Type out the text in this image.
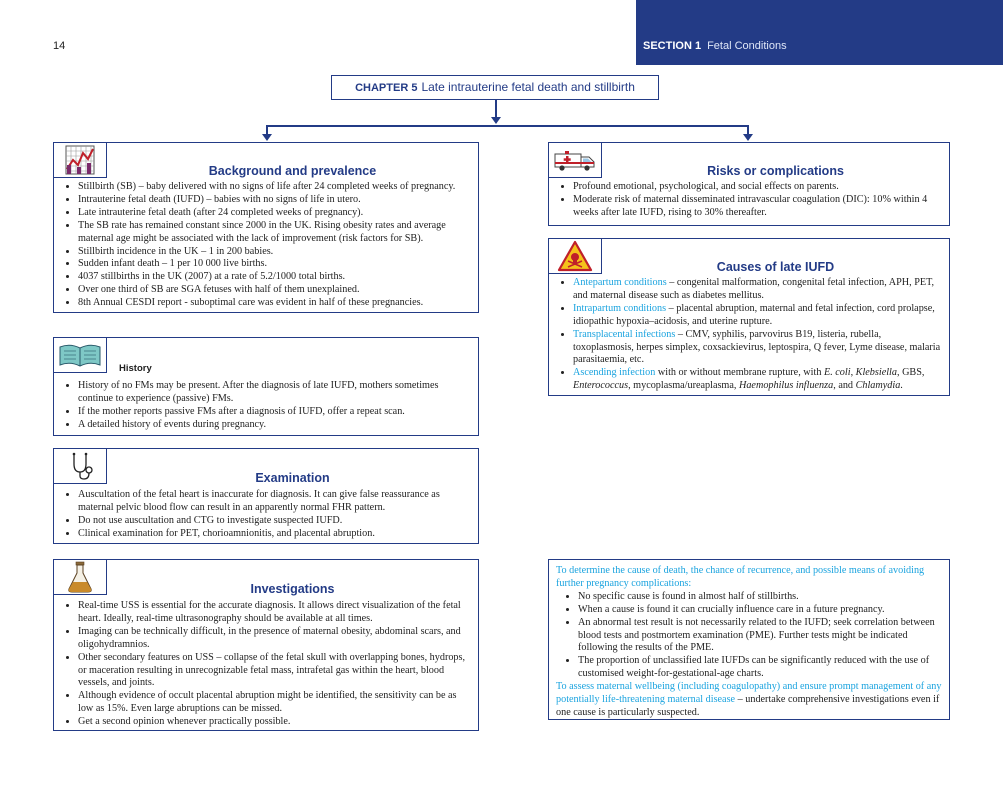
14	SECTION 1 Fetal Conditions
CHAPTER 5 Late intrauterine fetal death and stillbirth
Background and prevalence
• Stillbirth (SB) – baby delivered with no signs of life after 24 completed weeks of pregnancy.
• Intrauterine fetal death (IUFD) – babies with no signs of life in utero.
• Late intrauterine fetal death (after 24 completed weeks of pregnancy).
• The SB rate has remained constant since 2000 in the UK. Rising obesity rates and average maternal age might be associated with the lack of improvement (risk factors for SB).
• Stillbirth incidence in the UK – 1 in 200 babies.
• Sudden infant death – 1 per 10 000 live births.
• 4037 stillbirths in the UK (2007) at a rate of 5.2/1000 total births.
• Over one third of SB are SGA fetuses with half of them unexplained.
• 8th Annual CESDI report - suboptimal care was evident in half of these pregnancies.
History
• History of no FMs may be present. After the diagnosis of late IUFD, mothers sometimes continue to experience (passive) FMs.
• If the mother reports passive FMs after a diagnosis of IUFD, offer a repeat scan.
• A detailed history of events during pregnancy.
Examination
• Auscultation of the fetal heart is inaccurate for diagnosis. It can give false reassurance as maternal pelvic blood flow can result in an apparently normal FHR pattern.
• Do not use auscultation and CTG to investigate suspected IUFD.
• Clinical examination for PET, chorioamnionitis, and placental abruption.
Investigations
• Real-time USS is essential for the accurate diagnosis. It allows direct visualization of the fetal heart. Ideally, real-time ultrasonography should be available at all times.
• Imaging can be technically difficult, in the presence of maternal obesity, abdominal scars, and oligohydramnios.
• Other secondary features on USS – collapse of the fetal skull with overlapping bones, hydrops, or maceration resulting in unrecognizable fetal mass, intrafetal gas within the heart, blood vessels, and joints.
• Although evidence of occult placental abruption might be identified, the sensitivity can be as low as 15%. Even large abruptions can be missed.
• Get a second opinion whenever practically possible.
Risks or complications
• Profound emotional, psychological, and social effects on parents.
• Moderate risk of maternal disseminated intravascular coagulation (DIC): 10% within 4 weeks after late IUFD, rising to 30% thereafter.
Causes of late IUFD
• Antepartum conditions – congenital malformation, congenital fetal infection, APH, PET, and maternal disease such as diabetes mellitus.
• Intrapartum conditions – placental abruption, maternal and fetal infection, cord prolapse, idiopathic hypoxia–acidosis, and uterine rupture.
• Transplacental infections – CMV, syphilis, parvovirus B19, listeria, rubella, toxoplasmosis, herpes simplex, coxsackievirus, leptospira, Q fever, Lyme disease, malaria parasitaemia, etc.
• Ascending infection with or without membrane rupture, with E. coli, Klebsiella, GBS, Enterococcus, mycoplasma/ureaplasma, Haemophilus influenza, and Chlamydia.
To determine the cause of death, the chance of recurrence, and possible means of avoiding further pregnancy complications:
• No specific cause is found in almost half of stillbirths.
• When a cause is found it can crucially influence care in a future pregnancy.
• An abnormal test result is not necessarily related to the IUFD; seek correlation between blood tests and postmortem examination (PME). Further tests might be indicated following the results of the PME.
• The proportion of unclassified late IUFDs can be significantly reduced with the use of customised weight-for-gestational-age charts.
To assess maternal wellbeing (including coagulopathy) and ensure prompt management of any potentially life-threatening maternal disease – undertake comprehensive investigations even if one cause is particularly suspected.
